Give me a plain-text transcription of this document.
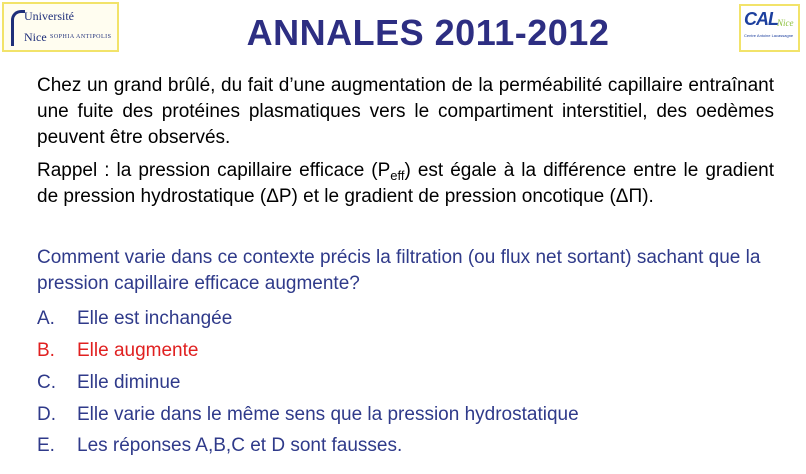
Université
Nice SOPHIA ANTIPOLIS
CAL Nice
Centre Antoine Lacassagne
ANNALES 2011-2012
Chez un grand brûlé, du fait d’une augmentation de la perméabilité capillaire entraînant une fuite des protéines plasmatiques vers le compartiment interstitiel, des oedèmes peuvent être observés.
Rappel : la pression capillaire efficace $(P_{eff})$ est égale à la différence entre le gradient de pression hydrostatique (ΔP) et le gradient de pression oncotique (ΔΠ).
Comment varie dans ce contexte précis la filtration (ou flux net sortant) sachant que la pression capillaire efficace augmente?
A. Elle est inchangée
B. Elle augmente
C. Elle diminue
D. Elle varie dans le même sens que la pression hydrostatique
E. Les réponses A,B,C et D sont fausses.
